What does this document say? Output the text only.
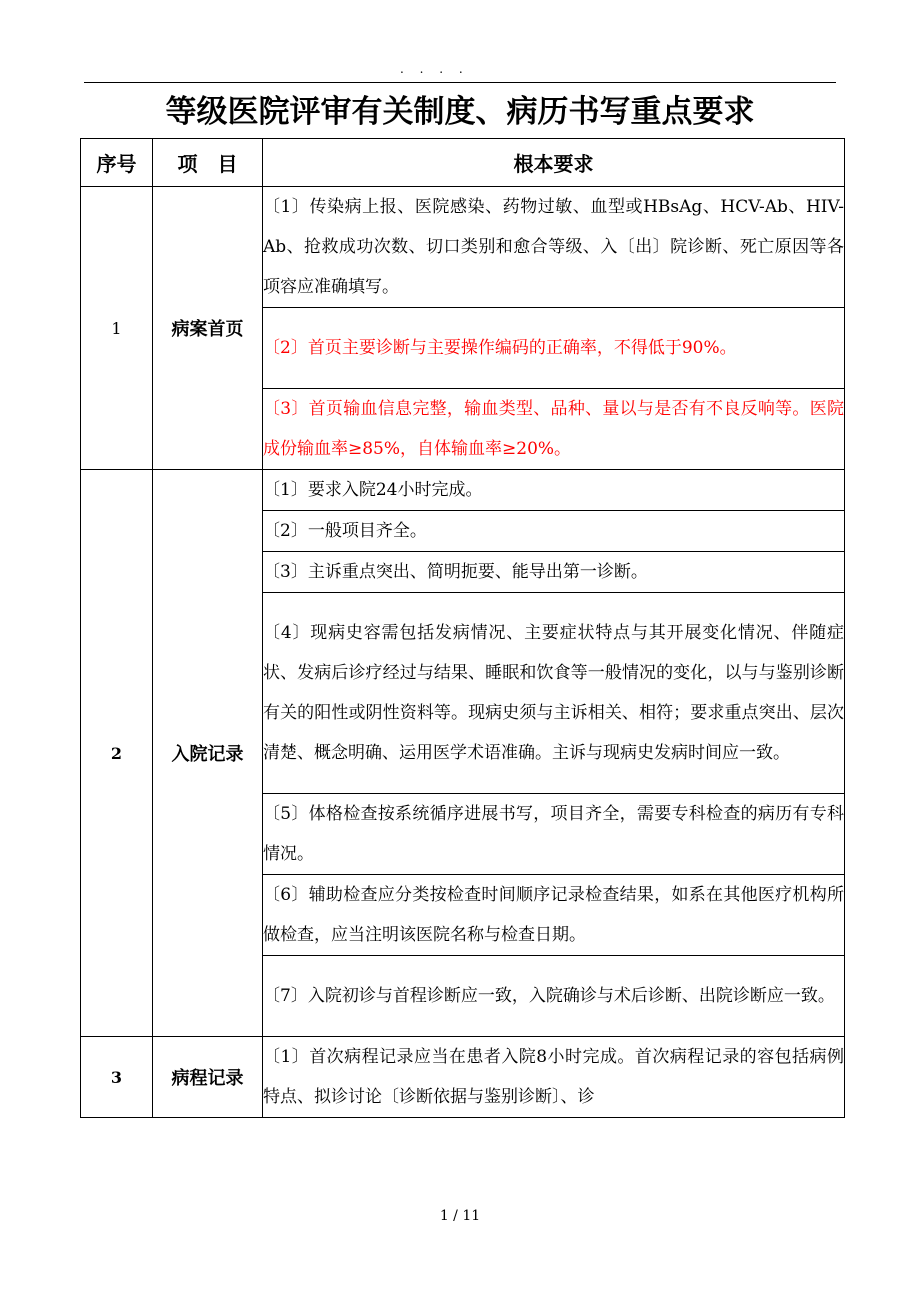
. . . .
等级医院评审有关制度、病历书写重点要求
序号	项　目	根本要求
1	病案首页	〔1〕传染病上报、医院感染、药物过敏、血型或HBsAg、HCV-Ab、HIV-Ab、抢救成功次数、切口类别和愈合等级、入〔出〕院诊断、死亡原因等各项容应准确填写。
		〔2〕首页主要诊断与主要操作编码的正确率，不得低于90%。
		〔3〕首页输血信息完整，输血类型、品种、量以与是否有不良反响等。医院成份输血率≥85%，自体输血率≥20%。
2	入院记录	〔1〕要求入院24小时完成。
		〔2〕一般项目齐全。
		〔3〕主诉重点突出、简明扼要、能导出第一诊断。
		〔4〕现病史容需包括发病情况、主要症状特点与其开展变化情况、伴随症状、发病后诊疗经过与结果、睡眠和饮食等一般情况的变化，以与与鉴别诊断有关的阳性或阴性资料等。现病史须与主诉相关、相符；要求重点突出、层次清楚、概念明确、运用医学术语准确。主诉与现病史发病时间应一致。
		〔5〕体格检查按系统循序进展书写，项目齐全，需要专科检查的病历有专科情况。
		〔6〕辅助检查应分类按检查时间顺序记录检查结果，如系在其他医疗机构所做检查，应当注明该医院名称与检查日期。
		〔7〕入院初诊与首程诊断应一致，入院确诊与术后诊断、出院诊断应一致。
3	病程记录	〔1〕首次病程记录应当在患者入院8小时完成。首次病程记录的容包括病例特点、拟诊讨论〔诊断依据与鉴别诊断〕、诊
1 / 11
